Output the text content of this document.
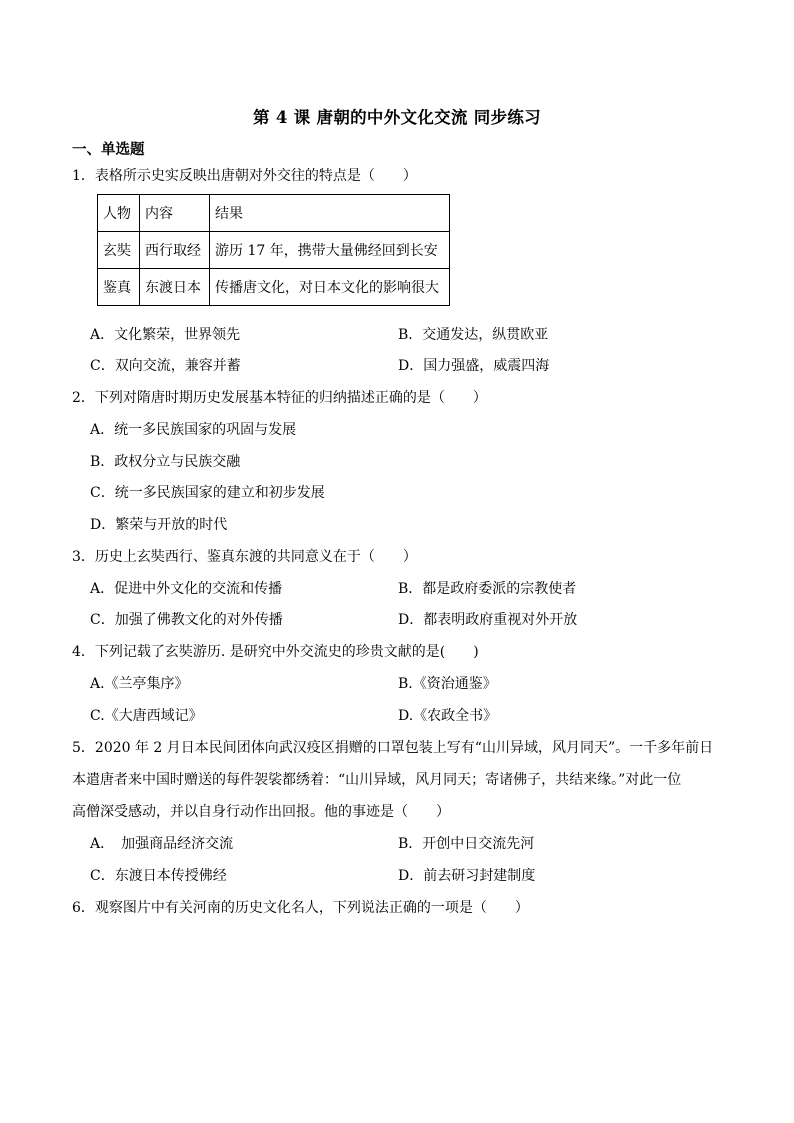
第 4 课 唐朝的中外文化交流 同步练习
一、单选题
1．表格所示史实反映出唐朝对外交往的特点是（　　）
人物	内容	结果
玄奘	西行取经	游历 17 年，携带大量佛经回到长安
鉴真	东渡日本	传播唐文化，对日本文化的影响很大
A．文化繁荣，世界领先	B．交通发达，纵贯欧亚
C．双向交流，兼容并蓄	D．国力强盛，威震四海
2．下列对隋唐时期历史发展基本特征的归纳描述正确的是（　　）
A．统一多民族国家的巩固与发展
B．政权分立与民族交融
C．统一多民族国家的建立和初步发展
D．繁荣与开放的时代
3．历史上玄奘西行、鉴真东渡的共同意义在于（　　）
A．促进中外文化的交流和传播	B．都是政府委派的宗教使者
C．加强了佛教文化的对外传播	D．都表明政府重视对外开放
4．下列记载了玄奘游历. 是研究中外交流史的珍贵文献的是(　　)
A.《兰亭集序》	B.《资治通鉴》
C.《大唐西域记》	D.《农政全书》
5．2020 年 2 月日本民间团体向武汉疫区捐赠的口罩包装上写有“山川异域，风月同天”。一千多年前日
本遣唐者来中国时赠送的每件袈裟都绣着：“山川异域，风月同天；寄诸佛子，共结来缘。”对此一位
高僧深受感动，并以自身行动作出回报。他的事迹是（　　）
A．　加强商品经济交流	B．开创中日交流先河
C．东渡日本传授佛经	D．前去研习封建制度
6．观察图片中有关河南的历史文化名人，下列说法正确的一项是（　　）
